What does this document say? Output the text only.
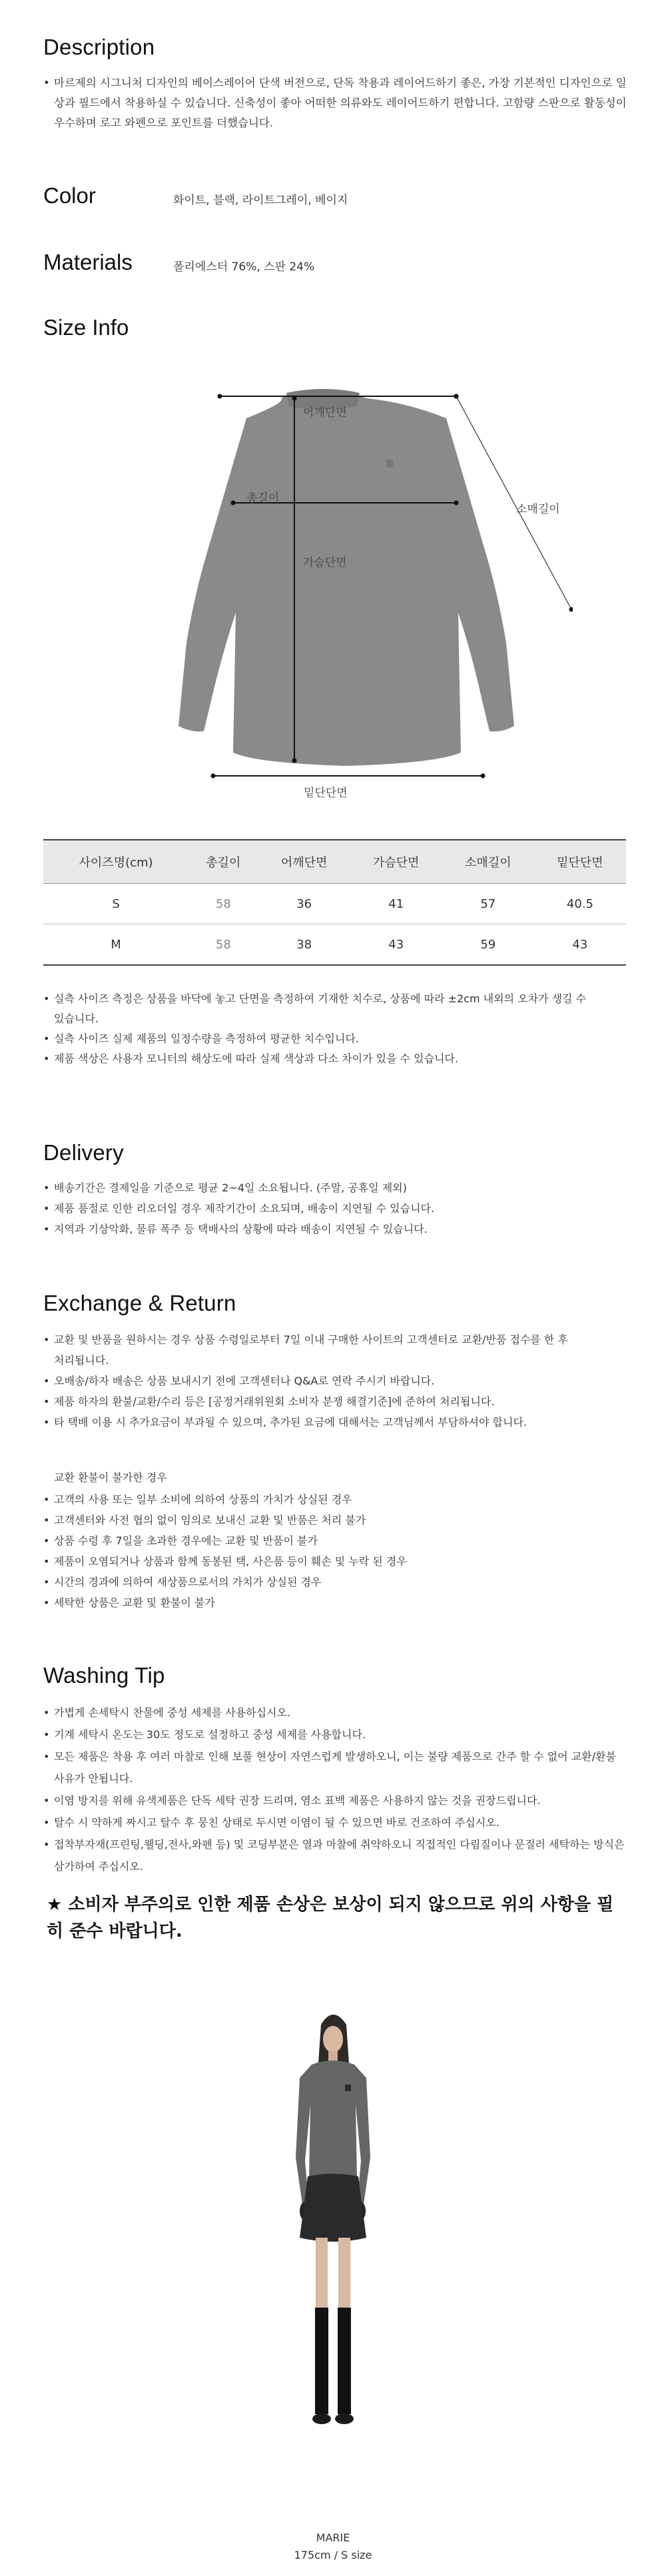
Description
• 마르제의 시그니처 디자인의 베이스레이어 단색 버전으로, 단독 착용과 레이어드하기 좋은, 가장 기본적인 디자인으로 일상과 필드에서 착용하실 수 있습니다. 신축성이 좋아 어떠한 의류와도 레이어드하기 편합니다. 고함량 스판으로 활동성이 우수하며 로고 와펜으로 포인트를 더했습니다.
Color	화이트, 블랙, 라이트그레이, 베이지
Materials	폴리에스터 76%, 스판 24%
Size Info
어깨단면
총길이
가슴단면
소매길이
밑단단면
사이즈명(cm)	총길이	어깨단면	가슴단면	소매길이	밑단단면
S	58	36	41	57	40.5
M	58	38	43	59	43
• 실측 사이즈 측정은 상품을 바닥에 놓고 단면을 측정하여 기재한 치수로, 상품에 따라 ±2cm 내외의 오차가 생길 수 있습니다.
• 실측 사이즈 실제 제품의 일정수량을 측정하여 평균한 치수입니다.
• 제품 색상은 사용자 모니터의 해상도에 따라 실제 색상과 다소 차이가 있을 수 있습니다.
Delivery
• 배송기간은 결제일을 기준으로 평균 2~4일 소요됩니다. (주말, 공휴일 제외)
• 제품 품절로 인한 리오더일 경우 제작기간이 소요되며, 배송이 지연될 수 있습니다.
• 지역과 기상악화, 물류 폭주 등 택배사의 상황에 따라 배송이 지연될 수 있습니다.
Exchange & Return
• 교환 및 반품을 원하시는 경우 상품 수령일로부터 7일 이내 구매한 사이트의 고객센터로 교환/반품 접수를 한 후 처리됩니다.
• 오배송/하자 배송은 상품 보내시기 전에 고객센터나 Q&A로 연락 주시기 바랍니다.
• 제품 하자의 환불/교환/수리 등은 [공정거래위원회 소비자 분쟁 해결기준]에 준하여 처리됩니다.
• 타 택배 이용 시 추가요금이 부과될 수 있으며, 추가된 요금에 대해서는 고객님께서 부담하셔야 합니다.
교환 환불이 불가한 경우
• 고객의 사용 또는 일부 소비에 의하여 상품의 가치가 상실된 경우
• 고객센터와 사전 협의 없이 임의로 보내신 교환 및 반품은 처리 불가
• 상품 수령 후 7일을 초과한 경우에는 교환 및 반품이 불가
• 제품이 오염되거나 상품과 함께 동봉된 택, 사은품 등이 훼손 및 누락 된 경우
• 시간의 경과에 의하여 새상품으로서의 가치가 상실된 경우
• 세탁한 상품은 교환 및 환불이 불가
Washing Tip
• 가볍게 손세탁시 찬물에 중성 세제를 사용하십시오.
• 기계 세탁시 온도는 30도 정도로 설정하고 중성 세제를 사용합니다.
• 모든 제품은 착용 후 여러 마찰로 인해 보풀 현상이 자연스럽게 발생하오니, 이는 불량 제품으로 간주 할 수 없어 교환/환불 사유가 안됩니다.
• 이염 방지를 위해 유색제품은 단독 세탁 권장 드리며, 염소 표백 제품은 사용하지 않는 것을 권장드립니다.
• 탈수 시 약하게 짜시고 탈수 후 뭉친 상태로 두시면 이염이 될 수 있으면 바로 건조하여 주십시오.
• 접착부자재(프린팅,웰딩,전사,와펜 등) 및 코딩부분은 열과 마찰에 취약하오니 직접적인 다림질이나 문질러 세탁하는 방식은 삼가하여 주십시오.
★ 소비자 부주의로 인한 제품 손상은 보상이 되지 않으므로 위의 사항을 필히 준수 바랍니다.
MARIE
175cm / S size
